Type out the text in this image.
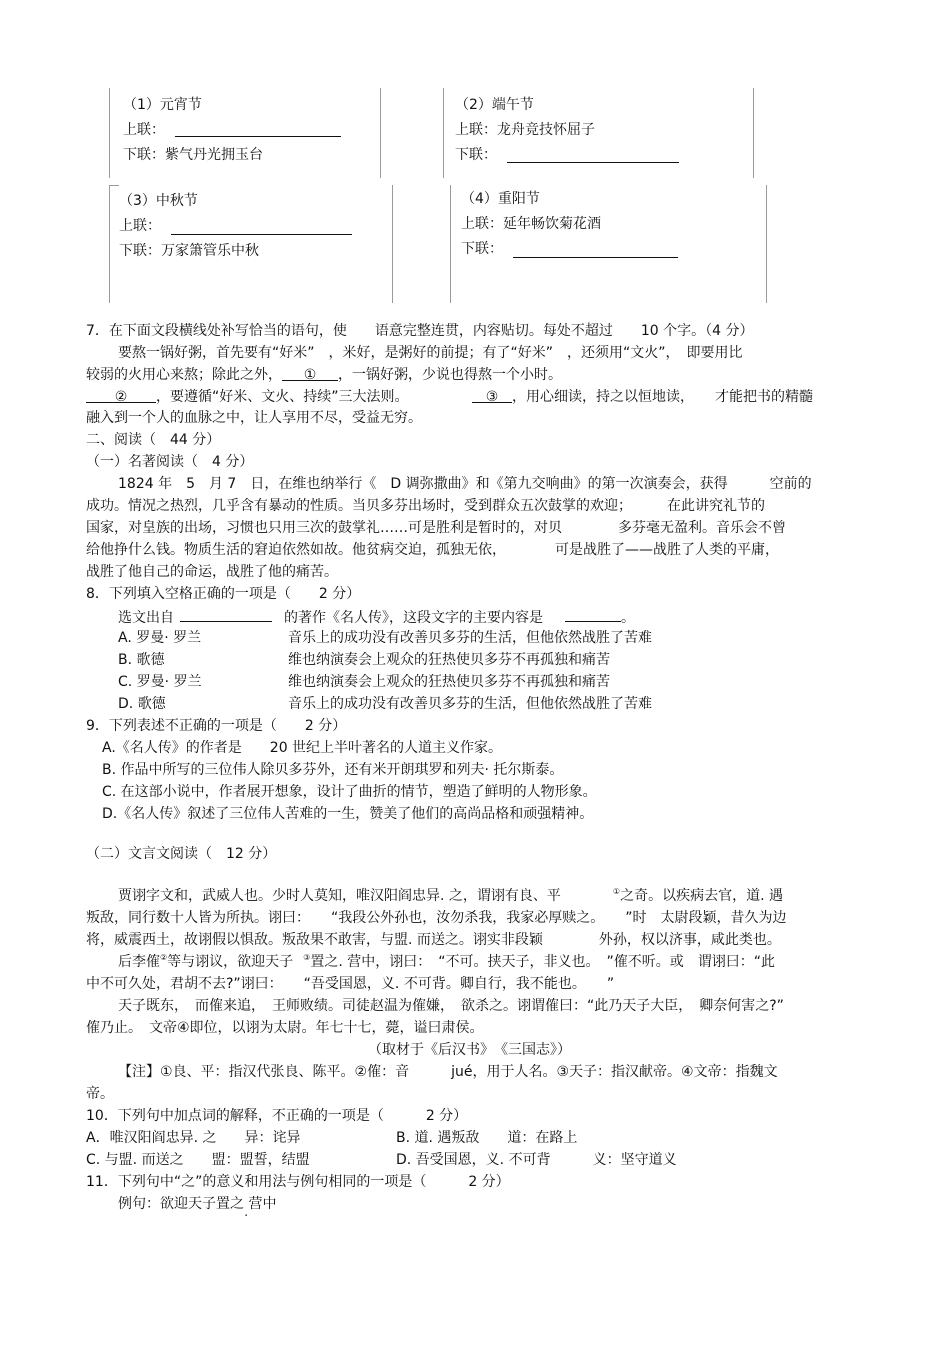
（1）元宵节
上联：
下联：紫气丹光拥玉台
（2）端午节
上联：龙舟竞技怀屈子
下联：
（3）中秋节
上联：
下联：万家箫管乐中秋
（4）重阳节
上联：延年畅饮菊花酒
下联：
7．在下面文段横线处补写恰当的语句，使　　语意完整连贯，内容贴切。每处不超过　　10 个字。（4 分）
要熬一锅好粥，首先要有“好米”　，米好，是粥好的前提；有了“好米”　，还须用“文火”，　即要用比
较弱的火用心来熬；除此之外， ① ，一锅好粥，少说也得熬一个小时。
② ，要遵循“好米、文火、持续”三大法则。	③ ，用心细读，持之以恒地读，　　才能把书的精髓
融入到一个人的血脉之中，让人享用不尽，受益无穷。
二、阅读（　44 分）
（一）名著阅读（　4 分）
1824 年　5　月 7　日，在维也纳举行《　D 调弥撒曲》和《第九交响曲》的第一次演奏会，获得　　　空前的
成功。情况之热烈，几乎含有暴动的性质。当贝多芬出场时，受到群众五次鼓掌的欢迎；　　　在此讲究礼节的
国家，对皇族的出场，习惯也只用三次的鼓掌礼……可是胜利是暂时的，对贝　　　　多芬毫无盈利。音乐会不曾
给他挣什么钱。物质生活的窘迫依然如故。他贫病交迫，孤独无依，　　　　可是战胜了——战胜了人类的平庸，
战胜了他自己的命运，战胜了他的痛苦。
8．下列填入空格正确的一项是（　　2 分）
选文出自	的著作《名人传》，这段文字的主要内容是	。
A. 罗曼· 罗兰	音乐上的成功没有改善贝多芬的生活，但他依然战胜了苦难
B. 歌德	维也纳演奏会上观众的狂热使贝多芬不再孤独和痛苦
C. 罗曼· 罗兰	维也纳演奏会上观众的狂热使贝多芬不再孤独和痛苦
D. 歌德	音乐上的成功没有改善贝多芬的生活，但他依然战胜了苦难
9．下列表述不正确的一项是（　　2 分）
A.《名人传》的作者是　　20 世纪上半叶著名的人道主义作家。
B. 作品中所写的三位伟人除贝多芬外，还有米开朗琪罗和列夫· 托尔斯泰。
C. 在这部小说中，作者展开想象，设计了曲折的情节，塑造了鲜明的人物形象。
D.《名人传》叙述了三位伟人苦难的一生，赞美了他们的高尚品格和顽强精神。
（二）文言文阅读（　12 分）
贾诩字文和，武威人也。少时人莫知，唯汉阳阎忠异. 之，谓诩有良、平	①之奇。以疾病去官，道. 遇
叛敌，同行数十人皆为所执。诩曰：　　“我段公外孙也，汝勿杀我，我家必厚赎之。　　”时　太尉段颖，昔久为边
将，威震西土，故诩假以惧敌。叛敌果不敢害，与盟. 而送之。诩实非段颖　　　　外孙，权以济事，咸此类也。
后李傕②等与诩议，欲迎天子 ③置之. 营中，诩曰：　“不可。挟天子，非义也。　”傕不听。或　谓诩曰：“此
中不可久处，君胡不去?”诩曰：　　“吾受国恩，义. 不可背。卿自行，我不能也。　　”
天子既东，　而傕来追，　王师败绩。司徒赵温为傕嫌，　欲杀之。诩谓傕曰：“此乃天子大臣，　卿奈何害之?”
傕乃止。　文帝④即位，以诩为太尉。年七十七，薨，谥曰肃侯。
（取材于《后汉书》　《三国志》）
【注】①良、平：指汉代张良、陈平。②傕：音　　　jué，用于人名。③天子：指汉献帝。④文帝：指魏文
帝。
10．下列句中加点词的解释，不正确的一项是（　　　2 分）
A．唯汉阳阎忠异. 之　　异：诧异	B. 道. 遇叛敌　　道：在路上
C. 与盟. 而送之　　盟：盟誓，结盟	D. 吾受国恩，义. 不可背　　　义：坚守道义
11．下列句中“之”的意义和用法与例句相同的一项是（　　　2 分）
例句：欲迎天子置之 . 营中
